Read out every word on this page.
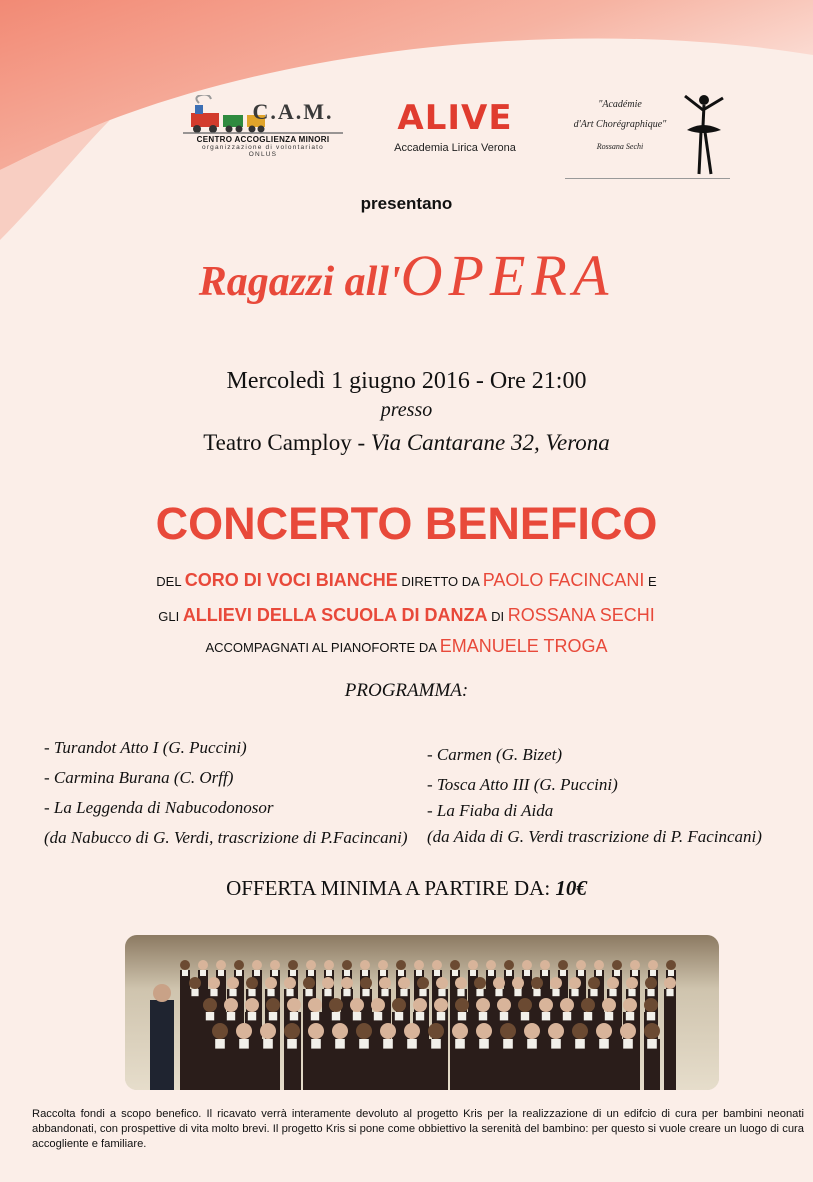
C.A.M.
CENTRO ACCOGLIENZA MINORI
organizzazione di volontariato
ONLUS
ALIVE
Accademia Lirica Verona
"Académie
d'Art Chorégraphique"
Rossana Sechi
presentano
Ragazzi all'OPERA
Mercoledì 1 giugno 2016 - Ore 21:00
presso
Teatro Camploy - Via Cantarane 32, Verona
CONCERTO BENEFICO
DEL CORO DI VOCI BIANCHE DIRETTO DA PAOLO FACINCANI E
GLI ALLIEVI DELLA SCUOLA DI DANZA DI ROSSANA SECHI
ACCOMPAGNATI AL PIANOFORTE DA EMANUELE TROGA
PROGRAMMA:
- Turandot Atto I (G. Puccini)
- Carmina Burana (C. Orff)
- La Leggenda di Nabucodonosor
(da Nabucco di G. Verdi, trascrizione di P.Facincani)
- Carmen (G. Bizet)
- Tosca Atto III (G. Puccini)
- La Fiaba di Aida
(da Aida di G. Verdi trascrizione di P. Facincani)
OFFERTA MINIMA A PARTIRE DA: 10€
Raccolta fondi a scopo benefico. Il ricavato verrà interamente devoluto al progetto Kris per la realizzazione di un edifcio di cura per bambini neonati abbandonati, con prospettive di vita molto brevi. Il progetto Kris si pone come obbiettivo la serenità del bambino: per questo si vuole creare un luogo di cura accogliente e familiare.
